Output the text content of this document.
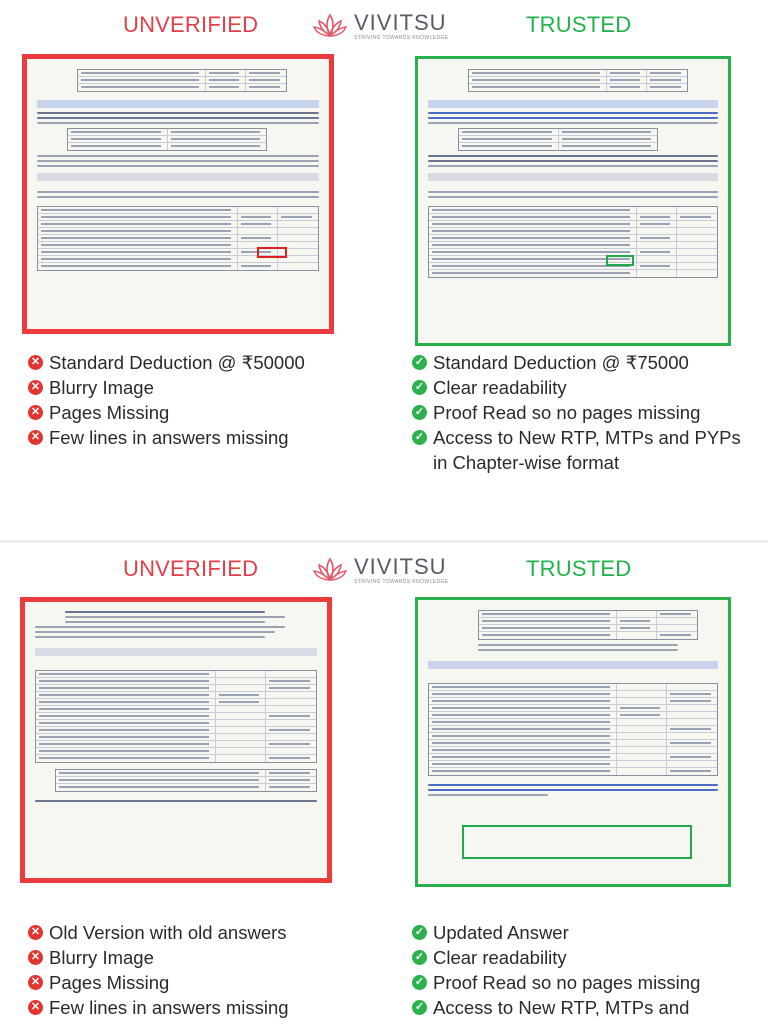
UNVERIFIED	VIVITSU
STRIVING TOWARDS KNOWLEDGE
TRUSTED
✕ Standard Deduction @ ₹50000
✕ Blurry Image
✕ Pages Missing
✕ Few lines in answers missing
✓ Standard Deduction @ ₹75000
✓ Clear readability
✓ Proof Read so no pages missing
✓ Access to New RTP, MTPs and PYPs in Chapter-wise format
UNVERIFIED	VIVITSU
STRIVING TOWARDS KNOWLEDGE
TRUSTED
✕ Old Version with old answers
✕ Blurry Image
✕ Pages Missing
✕ Few lines in answers missing
✓ Updated Answer
✓ Clear readability
✓ Proof Read so no pages missing
✓ Access to New RTP, MTPs and
